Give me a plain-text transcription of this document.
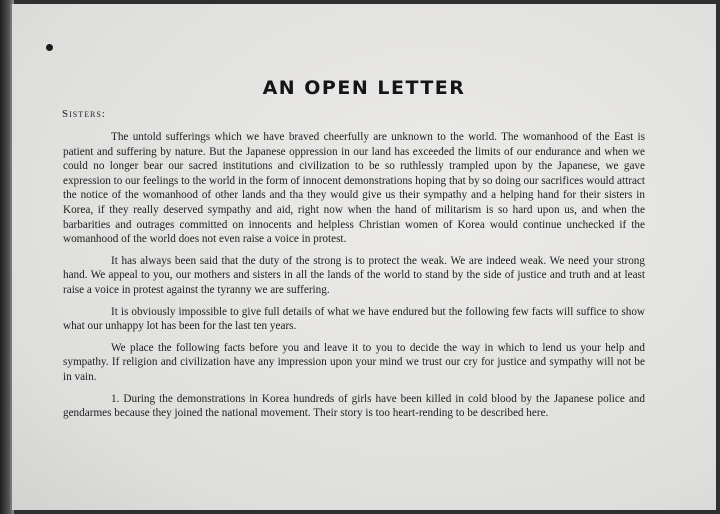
AN OPEN LETTER
Sisters:

The untold sufferings which we have braved cheerfully are unknown to the world. The womanhood of the East is patient and suffering by nature. But the Japanese oppression in our land has exceeded the limits of our endurance and when we could no longer bear our sacred institutions and civilization to be so ruthlessly trampled upon by the Japanese, we gave expression to our feelings to the world in the form of innocent demonstrations hoping that by so doing our sacrifices would attract the notice of the womanhood of other lands and tha they would give us their sympathy and a helping hand for their sisters in Korea, if they really deserved sympathy and aid, right now when the hand of militarism is so hard upon us, and when the barbarities and outrages committed on innocents and helpless Christian women of Korea would continue unchecked if the womanhood of the world does not even raise a voice in protest.

It has always been said that the duty of the strong is to protect the weak. We are indeed weak. We need your strong hand. We appeal to you, our mothers and sisters in all the lands of the world to stand by the side of justice and truth and at least raise a voice in protest against the tyranny we are suffering.

It is obviously impossible to give full details of what we have endured but the following few facts will suffice to show what our unhappy lot has been for the last ten years.

We place the following facts before you and leave it to you to decide the way in which to lend us your help and sympathy. If religion and civilization have any impression upon your mind we trust our cry for justice and sympathy will not be in vain.

1. During the demonstrations in Korea hundreds of girls have been killed in cold blood by the Japanese police and gendarmes because they joined the national movement. Their story is too heart-rending to be described here.
